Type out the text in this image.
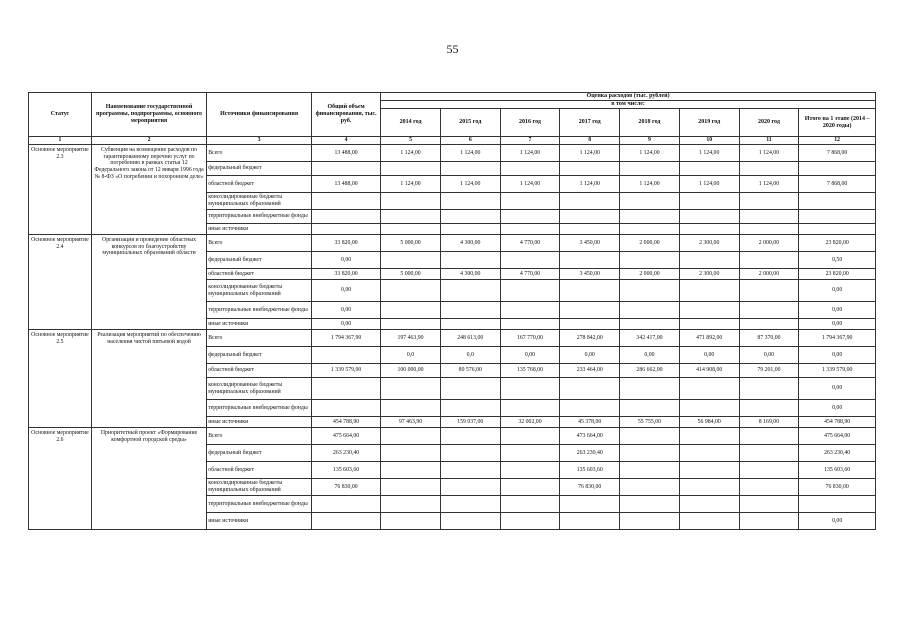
55
Статус	Наименование государственной программы, подпрограммы, основного мероприятия	Источники финансирования	Общий объем финансирования, тыс. руб.	Оценка расходов (тыс. рублей)							
				в том числе:							
				2014 год	2015 год	2016 год	2017 год	2018 год	2019 год	2020 год	Итого на 1 этапе (2014 – 2020 годы)
1	2	3	4	5	6	7	8	9	10	11	12
Основное мероприятие 2.3	Субвенция на возмещение расходов по гарантированному перечню услуг по погребению в рамках статьи 12 Федерального закона от 12 января 1996 года № 8-ФЗ «О погребении и похоронном деле»	Всего	13 488,00	1 124,00	1 124,00	1 124,00	1 124,00	1 124,00	1 124,00	1 124,00	7 868,00
		федеральный бюджет									
		областной бюджет	13 488,00	1 124,00	1 124,00	1 124,00	1 124,00	1 124,00	1 124,00	1 124,00	7 868,00
		консолидированные бюджеты муниципальных образований									
		территориальные внебюджетные фонды									
		иные источники									
Основное мероприятие 2.4	Организация и проведение областных конкурсов по благоустройству муниципальных образований области	Всего	33 820,00	5 000,00	4 300,00	4 770,00	3 450,00	2 000,00	2 300,00	2 000,00	23 820,00
		федеральный бюджет	0,00								0,50
		областной бюджет	33 820,00	5 000,00	4 300,00	4 770,00	3 450,00	2 000,00	2 300,00	2 000,00	23 820,00
		консолидированные бюджеты муниципальных образований	0,00								0,00
		территориальные внебюджетные фонды	0,00								0,00
		иные источники	0,00								0,00
Основное мероприятие 2.5	Реализация мероприятий по обеспечению населения чистой питьевой водой	Всего	1 794 367,90	197 463,90	248 613,00	167 770,00	278 842,00	342 417,00	471 892,00	87 370,00	1 794 367,90
		федеральный бюджет		0,0	0,0	0,00	0,00	0,00	0,00	0,00	0,00
		областной бюджет	1 339 579,00	100 000,00	89 576,00	135 768,00	233 464,00	286 662,00	414 908,00	79 201,00	1 339 579,00
		консолидированные бюджеты муниципальных образований									0,00
		территориальные внебюджетные фонды									0,00
		иные источники	454 788,90	97 463,90	159 037,00	32 002,00	45 378,00	55 755,00	56 984,00	8 169,00	454 788,90
Основное мероприятие 2.6	Приоритетный проект «Формирование комфортной городской среды»	Всего	475 664,00				473 664,00				475 664,00
		федеральный бюджет	263 230,40				263 230,40				263 230,40
		областной бюджет	135 603,60				135 603,60				135 603,60
		консолидированные бюджеты муниципальных образований	76 830,00				76 830,00				76 830,00
		территориальные внебюджетные фонды									
		иные источники									0,00
